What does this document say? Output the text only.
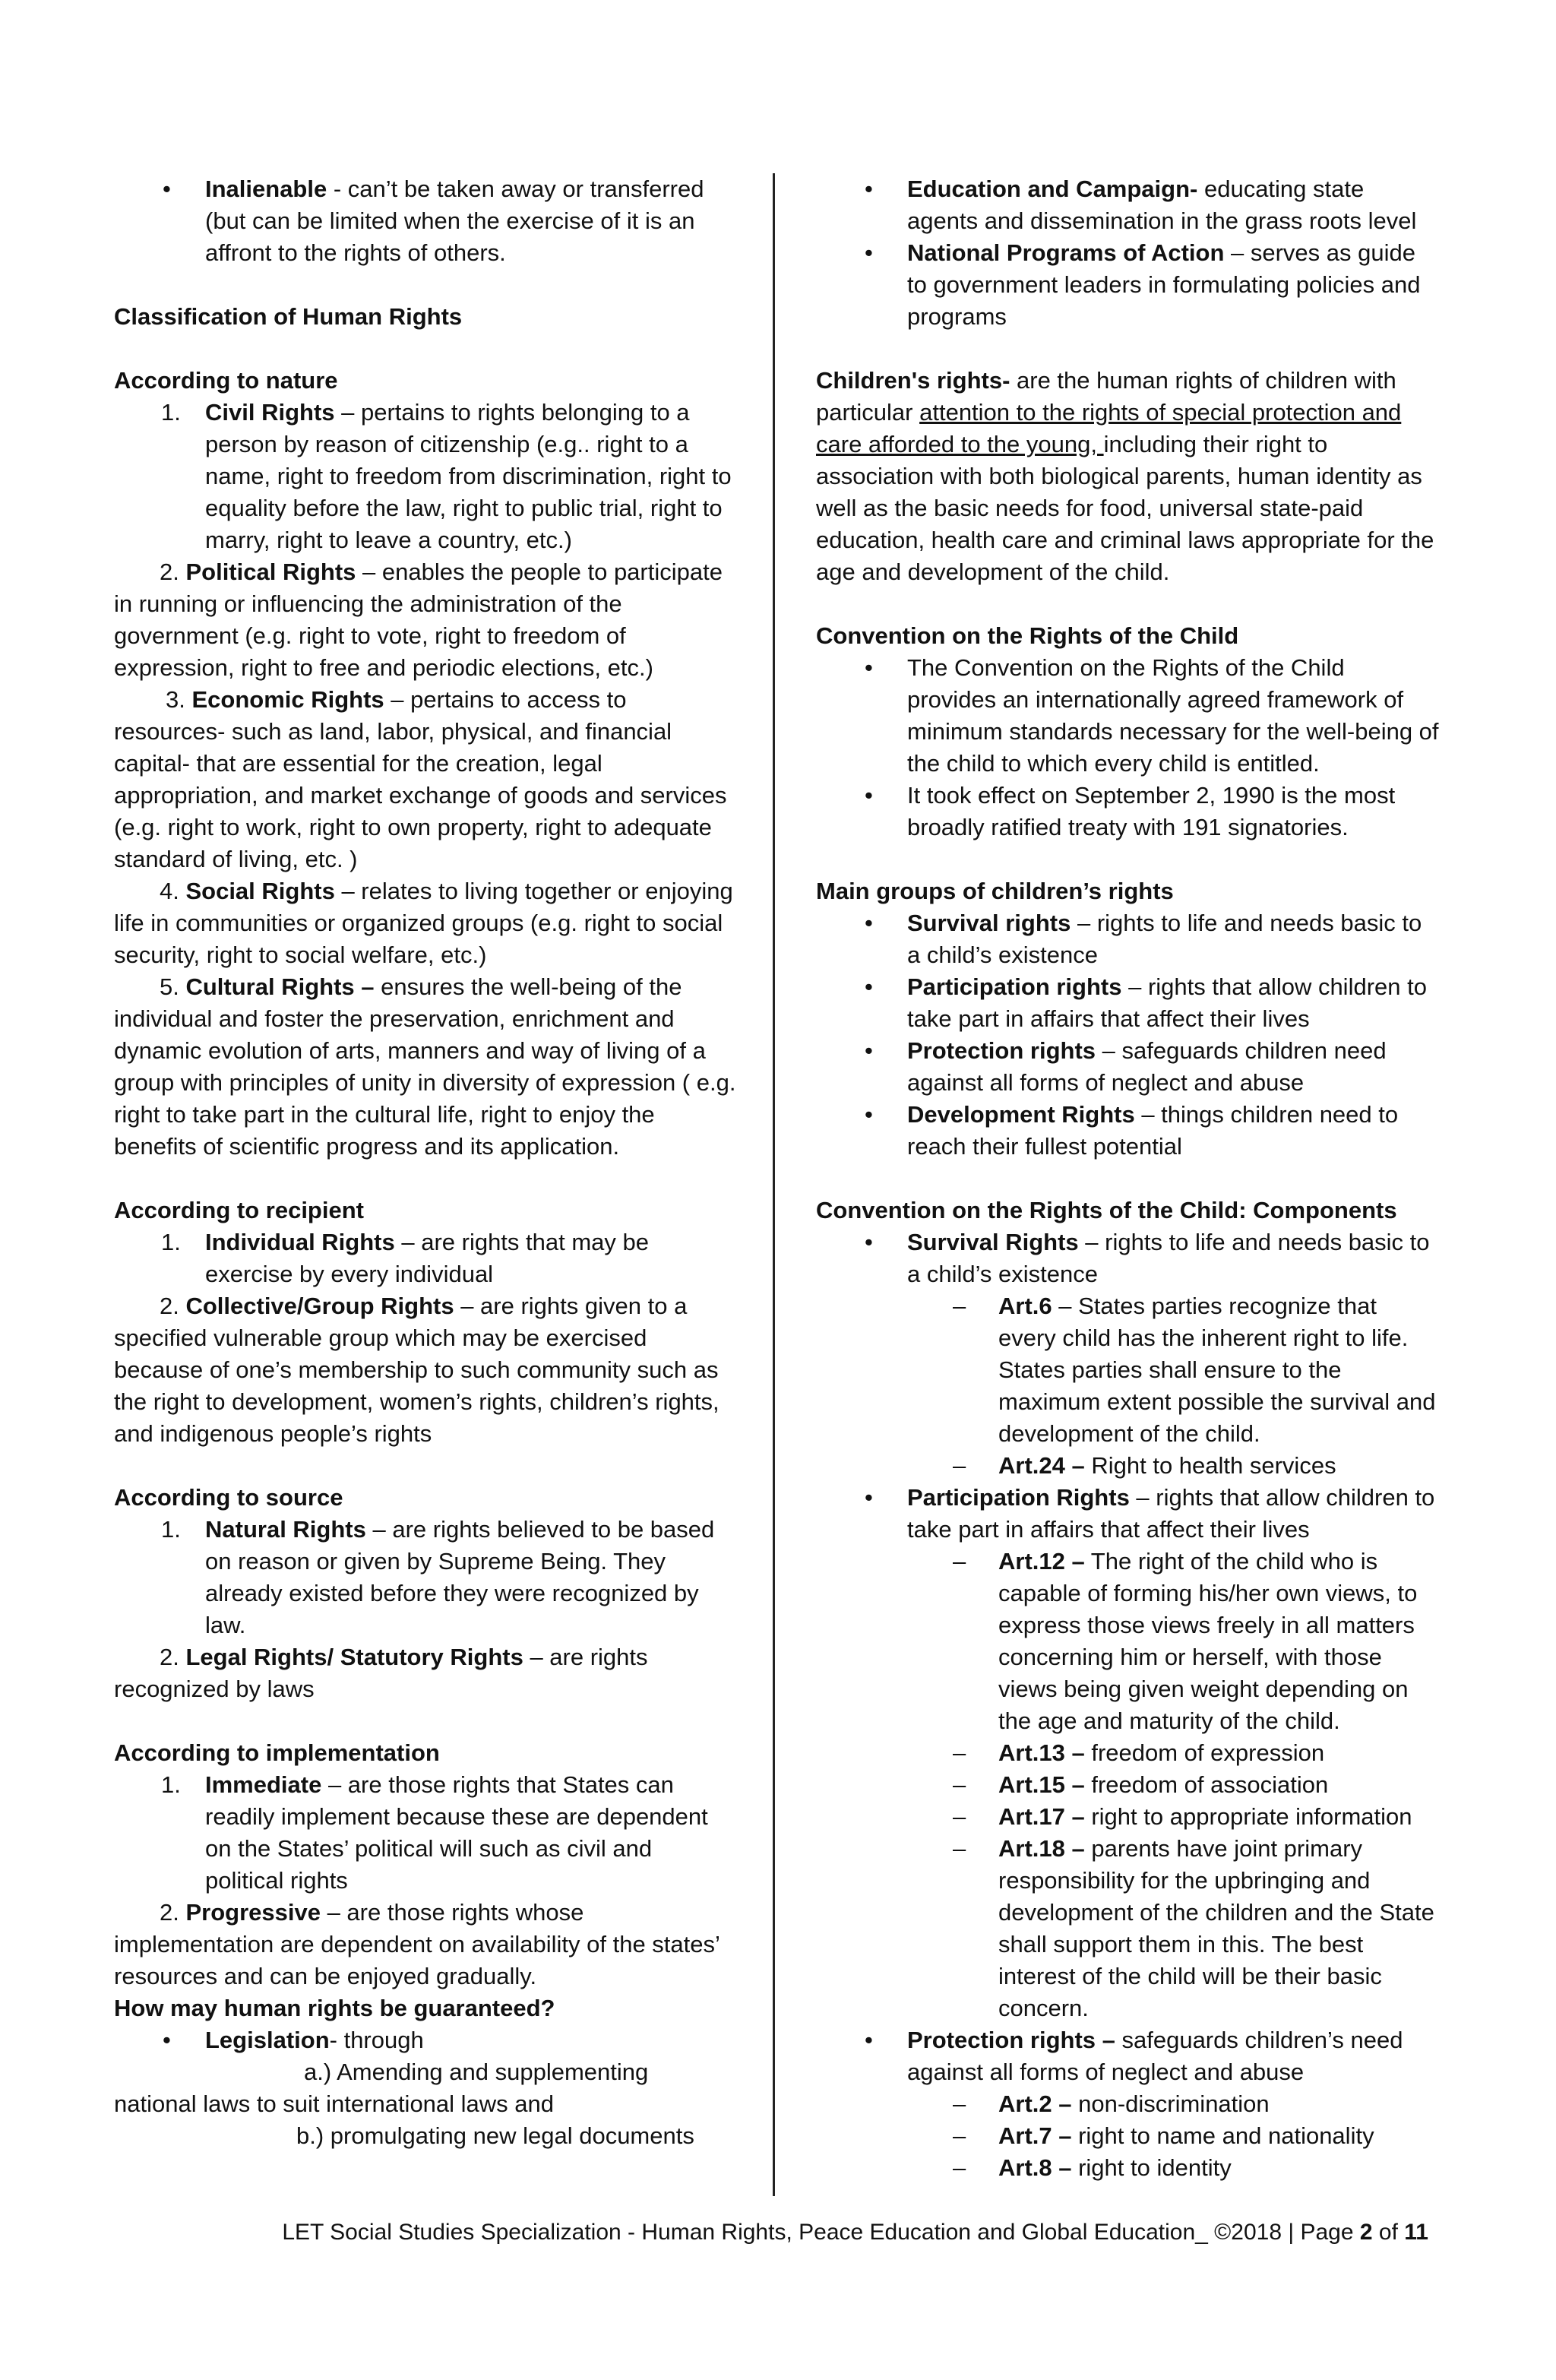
• Inalienable - can’t be taken away or transferred (but can be limited when the exercise of it is an affront to the rights of others.
Classification of Human Rights
According to nature
1. Civil Rights – pertains to rights belonging to a person by reason of citizenship (e.g.. right to a name, right to freedom from discrimination, right to equality before the law, right to public trial, right to marry, right to leave a country, etc.)
2. Political Rights – enables the people to participate in running or influencing the administration of the government (e.g. right to vote, right to freedom of expression, right to free and periodic elections, etc.)
3. Economic Rights – pertains to access to resources- such as land, labor, physical, and financial capital- that are essential for the creation, legal appropriation, and market exchange of goods and services (e.g. right to work, right to own property, right to adequate standard of living, etc. )
4. Social Rights – relates to living together or enjoying life in communities or organized groups (e.g. right to social security, right to social welfare, etc.)
5. Cultural Rights – ensures the well-being of the individual and foster the preservation, enrichment and dynamic evolution of arts, manners and way of living of a group with principles of unity in diversity of expression ( e.g. right to take part in the cultural life, right to enjoy the benefits of scientific progress and its application.
According to recipient
1. Individual Rights – are rights that may be exercise by every individual
2. Collective/Group Rights – are rights given to a specified vulnerable group which may be exercised because of one’s membership to such community such as the right to development, women’s rights, children’s rights, and indigenous people’s rights
According to source
1. Natural Rights – are rights believed to be based on reason or given by Supreme Being. They already existed before they were recognized by law.
2. Legal Rights/ Statutory Rights – are rights recognized by laws
According to implementation
1. Immediate – are those rights that States can readily implement because these are dependent on the States’ political will such as civil and political rights
2. Progressive – are those rights whose implementation are dependent on availability of the states’ resources and can be enjoyed gradually.
How may human rights be guaranteed?
• Legislation- through
a.) Amending and supplementing national laws to suit international laws and
b.) promulgating new legal documents
• Education and Campaign- educating state agents and dissemination in the grass roots level
• National Programs of Action – serves as guide to government leaders in formulating policies and programs
Children's rights- are the human rights of children with particular attention to the rights of special protection and care afforded to the young, including their right to association with both biological parents, human identity as well as the basic needs for food, universal state-paid education, health care and criminal laws appropriate for the age and development of the child.
Convention on the Rights of the Child
• The Convention on the Rights of the Child provides an internationally agreed framework of minimum standards necessary for the well-being of the child to which every child is entitled.
• It took effect on September 2, 1990 is the most broadly ratified treaty with 191 signatories.
Main groups of children’s rights
• Survival rights – rights to life and needs basic to a child’s existence
• Participation rights – rights that allow children to take part in affairs that affect their lives
• Protection rights – safeguards children need against all forms of neglect and abuse
• Development Rights – things children need to reach their fullest potential
Convention on the Rights of the Child: Components
• Survival Rights – rights to life and needs basic to a child’s existence
– Art.6 – States parties recognize that every child has the inherent right to life. States parties shall ensure to the maximum extent possible the survival and development of the child.
– Art.24 – Right to health services
• Participation Rights – rights that allow children to take part in affairs that affect their lives
– Art.12 – The right of the child who is capable of forming his/her own views, to express those views freely in all matters concerning him or herself, with those views being given weight depending on the age and maturity of the child.
– Art.13 – freedom of expression
– Art.15 – freedom of association
– Art.17 – right to appropriate information
– Art.18 – parents have joint primary responsibility for the upbringing and development of the children and the State shall support them in this. The best interest of the child will be their basic concern.
• Protection rights – safeguards children’s need against all forms of neglect and abuse
– Art.2 – non-discrimination
– Art.7 – right to name and nationality
– Art.8 – right to identity
LET Social Studies Specialization - Human Rights, Peace Education and Global Education_ ©2018 | Page 2 of 11
